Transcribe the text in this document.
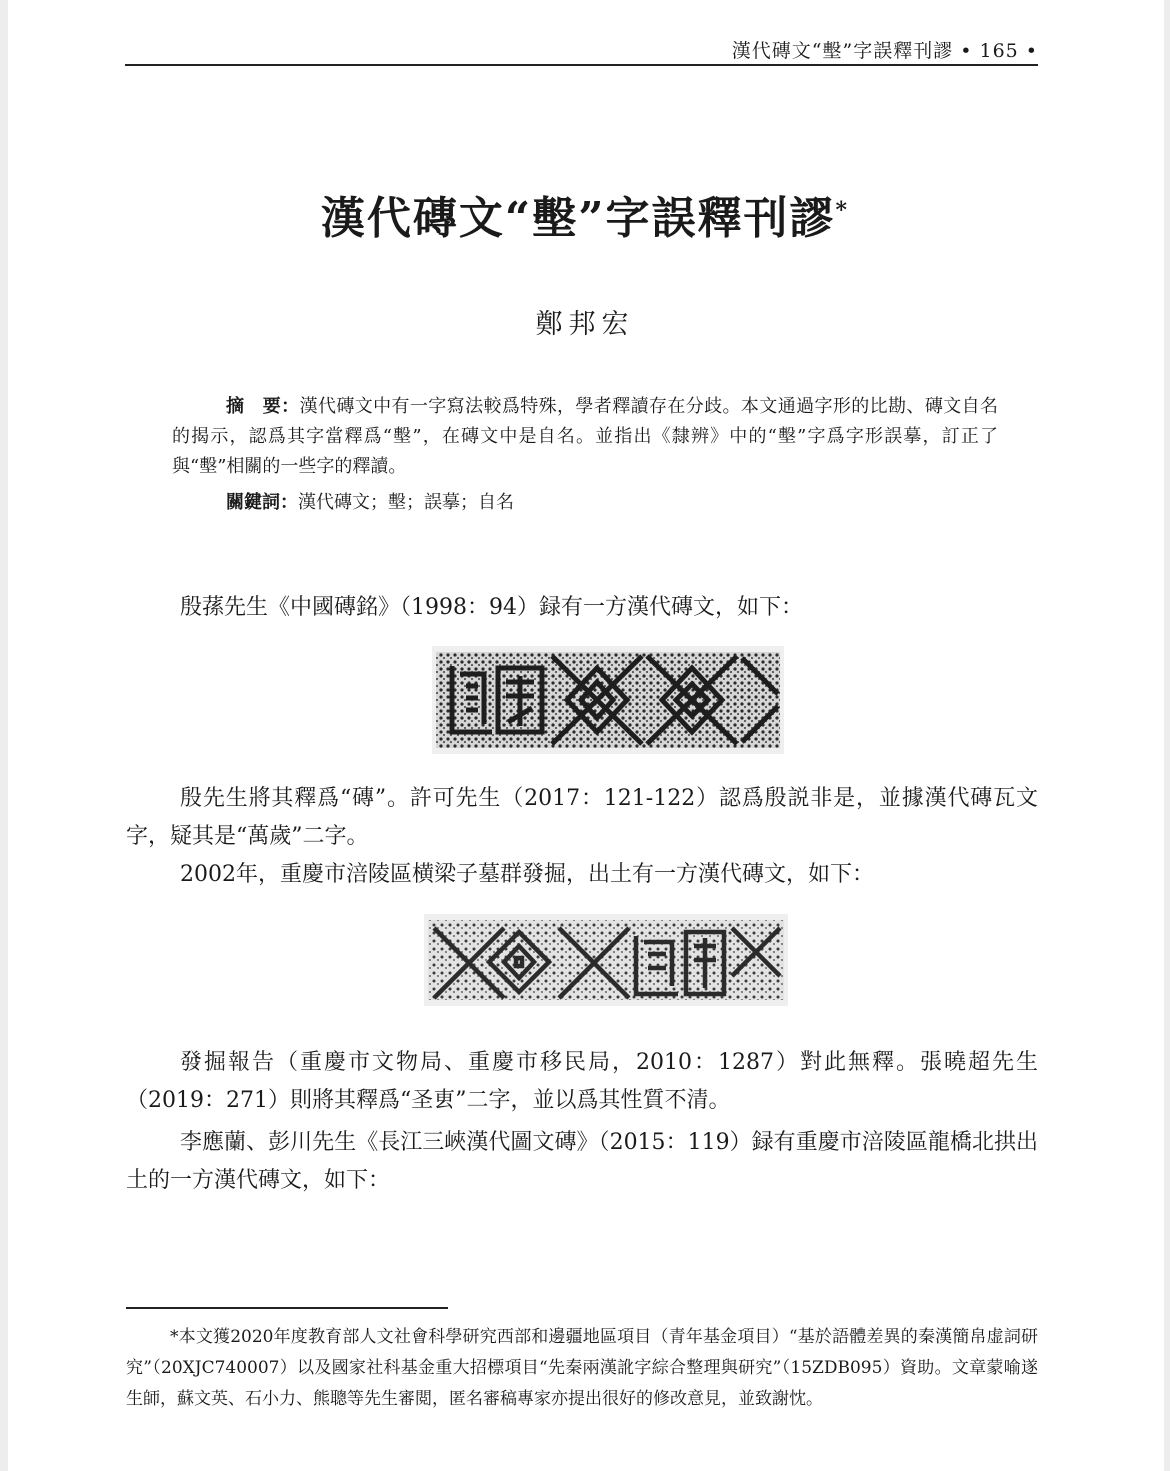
漢代磚文“墼”字誤釋刊謬 • 165 •
漢代磚文“墼”字誤釋刊謬*
鄭邦宏
摘　要：漢代磚文中有一字寫法較爲特殊，學者釋讀存在分歧。本文通過字形的比勘、磚文自名的揭示，認爲其字當釋爲“墼”，在磚文中是自名。並指出《隸辨》中的“墼”字爲字形誤摹，訂正了與“墼”相關的一些字的釋讀。
關鍵詞：漢代磚文；墼；誤摹；自名
殷蓀先生《中國磚銘》（1998：94）録有一方漢代磚文，如下：
殷先生將其釋爲“磚”。許可先生（2017：121-122）認爲殷説非是，並據漢代磚瓦文字，疑其是“萬歲”二字。
2002年，重慶市涪陵區横梁子墓群發掘，出土有一方漢代磚文，如下：
發掘報告（重慶市文物局、重慶市移民局，2010：1287）對此無釋。張曉超先生（2019：271）則將其釋爲“圣叀”二字，並以爲其性質不清。
李應蘭、彭川先生《長江三峽漢代圖文磚》（2015：119）録有重慶市涪陵區龍橋北拱出土的一方漢代磚文，如下：
*本文獲2020年度教育部人文社會科學研究西部和邊疆地區項目（青年基金項目）“基於語體差異的秦漢簡帛虚詞研究”（20XJC740007）以及國家社科基金重大招標項目“先秦兩漢訛字綜合整理與研究”（15ZDB095）資助。文章蒙喻遂生師，蘇文英、石小力、熊聰等先生審閲，匿名審稿專家亦提出很好的修改意見，並致謝忱。
